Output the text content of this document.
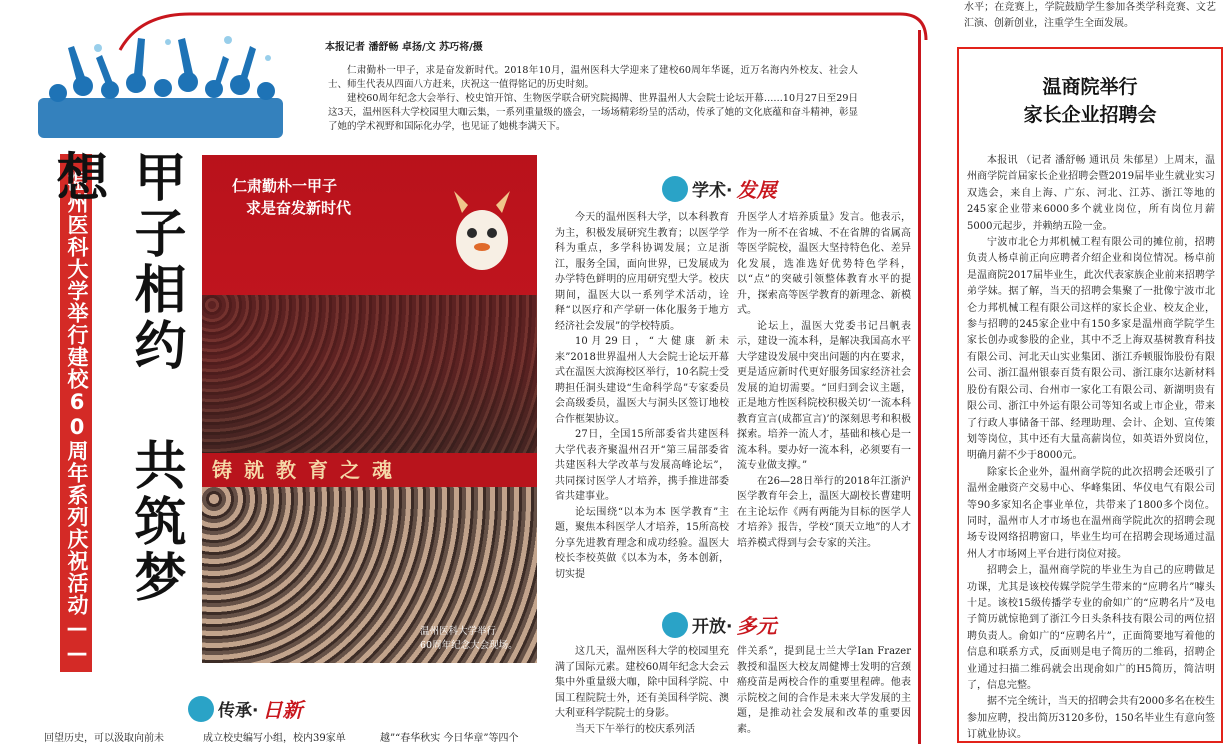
本报记者 潘舒畅 卓扬/文 苏巧将/摄

仁肃勤朴一甲子，求是奋发新时代。2018年10月，温州医科大学迎来了建校60周年华诞，近万名海内外校友、社会人士、师生代表从四面八方赶来，庆祝这一值得铭记的历史时刻。

建校60周年纪念大会举行、校史馆开馆、生物医学联合研究院揭牌、世界温州人大会院士论坛开幕……10月27日至29日这3天，温州医科大学校园里大咖云集，一系列重量级的盛会，一场场精彩纷呈的活动，传承了她的文化底蕴和奋斗精神，彰显了她的学术视野和国际化办学，也见证了她桃李满天下。

温州医科大学举行建校60周年系列庆祝活动—— 甲子相约 共筑梦想	仁肃勤朴一甲子
求是奋发新时代
铸就教育之魂
温州医科大学举行
60周年纪念大会现场。
学术· 发展
开放· 多元
传承· 日新

今天的温州医科大学，以本科教育为主，积极发展研究生教育；以医学学科为重点，多学科协调发展；立足浙江，服务全国，面向世界，已发展成为办学特色鲜明的应用研究型大学。校庆期间，温医大以一系列学术活动，诠释“以医疗和产学研一体化服务于地方经济社会发展”的学校特质。

10月29日，“大健康 新未来”2018世界温州人大会院士论坛开幕式在温医大滨海校区举行，10名院士受聘担任洞头建设“生命科学岛”专家委员会高级委员，温医大与洞头区签订地校合作框架协议。

27日，全国15所部委省共建医科大学代表齐聚温州召开“第三届部委省共建医科大学改革与发展高峰论坛”，共同探讨医学人才培养，携手推进部委省共建事业。

论坛围绕“以本为本 医学教育”主题，聚焦本科医学人才培养，15所高校分享先进教育理念和成功经验。温医大校长李校英做《以本为本，务本创新，切实提

升医学人才培养质量》发言。他表示，作为一所不在省城、不在省牌的省属高等医学院校，温医大坚持特色化、差异化发展，选准选好优势特色学科，以“点”的突破引领整体教育水平的提升，探索高等医学教育的新理念、新模式。

论坛上，温医大党委书记吕帆表示，建设一流本科，是解决我国高水平大学建设发展中突出问题的内在要求，更是适应新时代更好服务国家经济社会发展的迫切需要。“回归到会议主题，正是地方性医科院校积极关切‘一流本科教育宣言(成都宣言)’的深刻思考和积极探索。培养一流人才，基础和核心是一流本科。要办好一流本科，必须要有一流专业做支撑。”

在26—28日举行的2018年江浙沪医学教育年会上，温医大副校长曹建明在主论坛作《两有两能为目标的医学人才培养》报告，学校“顶天立地”的人才培养模式得到与会专家的关注。

这几天，温州医科大学的校园里充满了国际元素。建校60周年纪念大会云集中外重量级大咖，除中国科学院、中国工程院院士外，还有美国科学院、澳大利亚科学院院士的身影。

当天下午举行的校庆系列活

伴关系”，提到昆士兰大学Ian Frazer教授和温医大校友周健博士发明的宫颈癌疫苗是两校合作的重要里程碑。他表示院校之间的合作是未来大学发展的主题，是推动社会发展和改革的重要因素。

回望历史，可以汲取向前未	成立校史编写小组，校内39家单	越”“春华秋实 今日华章”等四个

水平；在竞赛上，学院鼓励学生参加各类学科竞赛、文艺汇演、创新创业，注重学生全面发展。

温商院举行
家长企业招聘会

本报讯 （记者 潘舒畅 通讯员 朱郁星）上周末，温州商学院首届家长企业招聘会暨2019届毕业生就业实习双选会，来自上海、广东、河北、江苏、浙江等地的245家企业带来6000多个就业岗位，所有岗位月薪5000元起步，并赖纳五险一金。

宁波市北仑力邦机械工程有限公司的摊位前，招聘负责人杨卓前正向应聘者介绍企业和岗位情况。杨卓前是温商院2017届毕业生，此次代表家族企业前来招聘学弟学妹。据了解，当天的招聘会集聚了一批像宁波市北仑力邦机械工程有限公司这样的家长企业、校友企业，参与招聘的245家企业中有150多家是温州商学院学生家长创办或参股的企业，其中不乏上海双基树教育科技有限公司、河北天山实业集团、浙江乔顿服饰股份有限公司、浙江温州银泰百货有限公司、浙江康尔达新材料股份有限公司、台州市一家化工有限公司、新湖明贵有限公司、浙江中外运有限公司等知名或上市企业，带来了行政人事储备干部、经理助理、会计、企划、宣传策划等岗位，其中还有大量高薪岗位，如英语外贸岗位，明确月薪不少于8000元。

除家长企业外，温州商学院的此次招聘会还吸引了温州金融资产交易中心、华峰集团、华仪电气有限公司等90多家知名企事业单位，共带来了1800多个岗位。同时，温州市人才市场也在温州商学院此次的招聘会现场专设网络招聘窗口，毕业生均可在招聘会现场通过温州人才市场网上平台进行岗位对接。

招聘会上，温州商学院的毕业生为自己的应聘做足功课，尤其是该校传媒学院学生带来的“应聘名片”噱头十足。该校15级传播学专业的俞如广的“应聘名片”及电子简历就惊艳到了浙江今日头条科技有限公司的两位招聘负责人。俞如广的“应聘名片”，正面简要地写着他的信息和联系方式，反面则是电子简历的二维码，招聘企业通过扫描二维码就会出现俞如广的H5简历，简洁明了，信息完整。

据不完全统计，当天的招聘会共有2000多名在校生参加应聘，投出简历3120多份，150名毕业生有意向签订就业协议。
